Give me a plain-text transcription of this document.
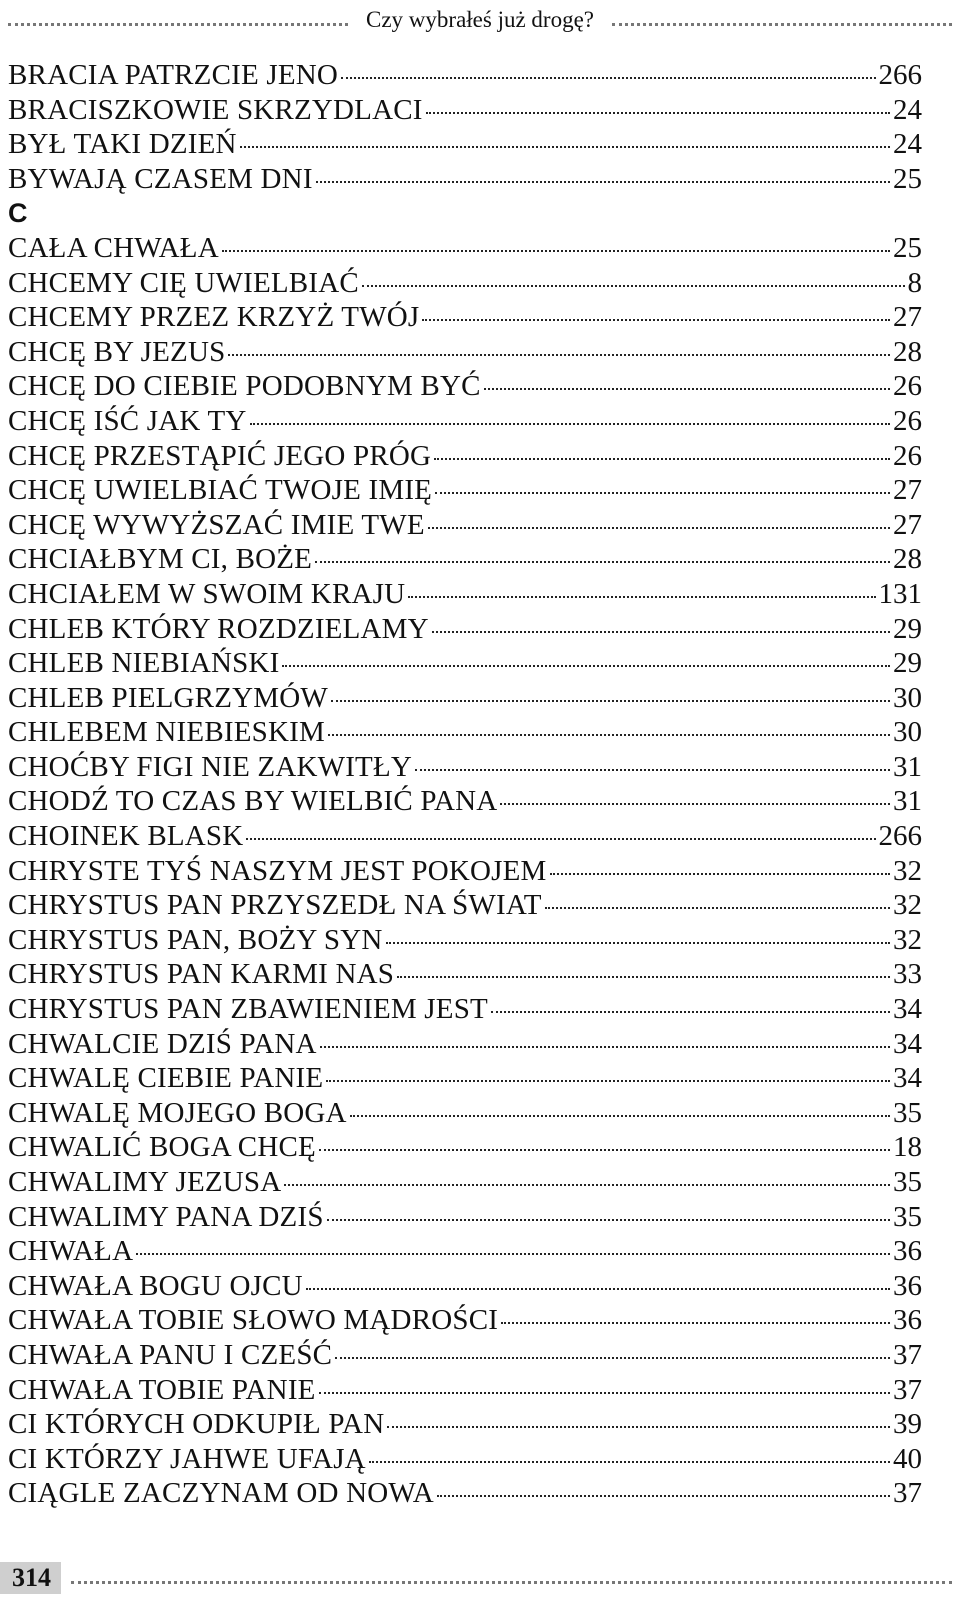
Czy wybrałeś już drogę?
BRACIA PATRZCIE JENO	266
BRACISZKOWIE SKRZYDLACI	24
BYŁ TAKI DZIEŃ	24
BYWAJĄ CZASEM DNI	25
C
CAŁA CHWAŁA	25
CHCEMY CIĘ UWIELBIAĆ	8
CHCEMY PRZEZ KRZYŻ TWÓJ	27
CHCĘ BY JEZUS	28
CHCĘ DO CIEBIE PODOBNYM BYĆ	26
CHCĘ IŚĆ JAK TY	26
CHCĘ PRZESTĄPIĆ JEGO PRÓG	26
CHCĘ UWIELBIAĆ TWOJE IMIĘ	27
CHCĘ WYWYŻSZAĆ IMIE TWE	27
CHCIAŁBYM CI, BOŻE	28
CHCIAŁEM W SWOIM KRAJU	131
CHLEB KTÓRY ROZDZIELAMY	29
CHLEB NIEBIAŃSKI	29
CHLEB PIELGRZYMÓW	30
CHLEBEM NIEBIESKIM	30
CHOĆBY FIGI NIE ZAKWITŁY	31
CHODŹ TO CZAS BY WIELBIĆ PANA	31
CHOINEK BLASK	266
CHRYSTE TYŚ NASZYM JEST POKOJEM	32
CHRYSTUS PAN PRZYSZEDŁ NA ŚWIAT	32
CHRYSTUS PAN, BOŻY SYN	32
CHRYSTUS PAN KARMI NAS	33
CHRYSTUS PAN ZBAWIENIEM JEST	34
CHWALCIE DZIŚ PANA	34
CHWALĘ CIEBIE PANIE	34
CHWALĘ MOJEGO BOGA	35
CHWALIĆ BOGA CHCĘ	18
CHWALIMY JEZUSA	35
CHWALIMY PANA DZIŚ	35
CHWAŁA	36
CHWAŁA BOGU OJCU	36
CHWAŁA TOBIE SŁOWO MĄDROŚCI	36
CHWAŁA PANU I CZEŚĆ	37
CHWAŁA TOBIE PANIE	37
CI KTÓRYCH ODKUPIŁ PAN	39
CI KTÓRZY JAHWE UFAJĄ	40
CIĄGLE ZACZYNAM OD NOWA	37
314
